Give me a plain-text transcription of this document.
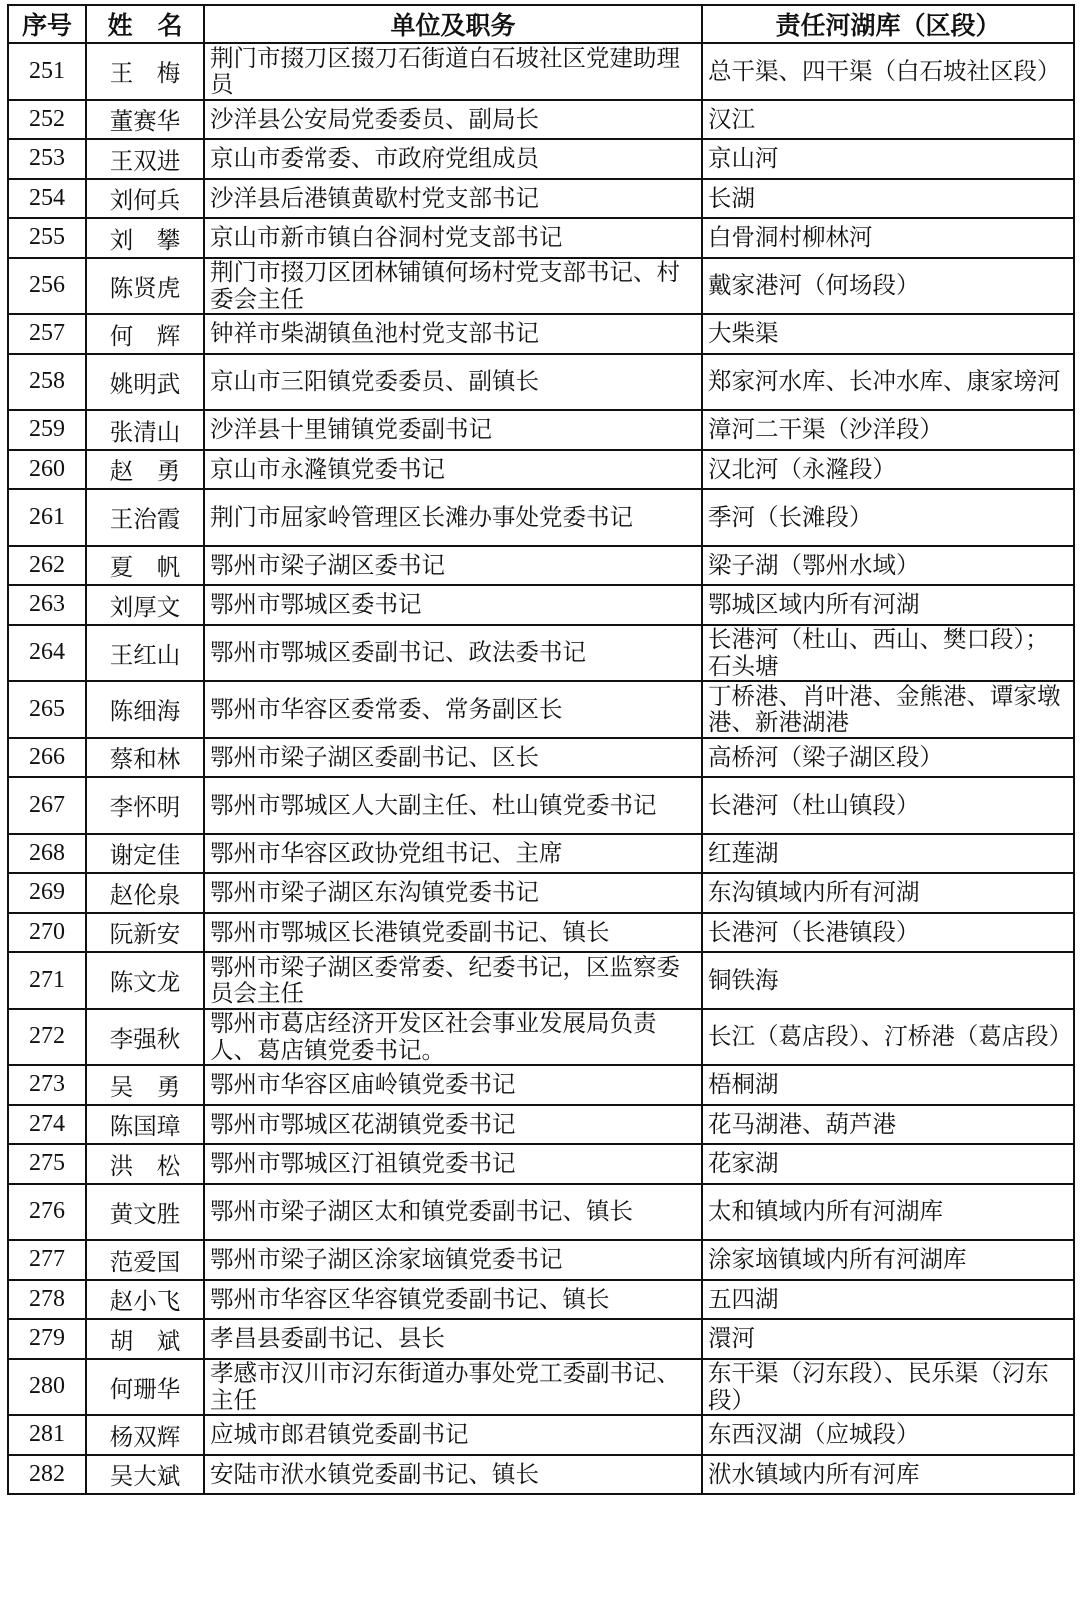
序号	姓　名	单位及职务	责任河湖库（区段）
251	王　梅	荆门市掇刀区掇刀石街道白石坡社区党建助理员	总干渠、四干渠（白石坡社区段）
252	董赛华	沙洋县公安局党委委员、副局长	汉江
253	王双进	京山市委常委、市政府党组成员	京山河
254	刘何兵	沙洋县后港镇黄歇村党支部书记	长湖
255	刘　攀	京山市新市镇白谷洞村党支部书记	白骨洞村柳林河
256	陈贤虎	荆门市掇刀区团林铺镇何场村党支部书记、村委会主任	戴家港河（何场段）
257	何　辉	钟祥市柴湖镇鱼池村党支部书记	大柴渠
258	姚明武	京山市三阳镇党委委员、副镇长	郑家河水库、长冲水库、康家塝河
259	张清山	沙洋县十里铺镇党委副书记	漳河二干渠（沙洋段）
260	赵　勇	京山市永漋镇党委书记	汉北河（永漋段）
261	王治霞	荆门市屈家岭管理区长滩办事处党委书记	季河（长滩段）
262	夏　帆	鄂州市梁子湖区委书记	梁子湖（鄂州水域）
263	刘厚文	鄂州市鄂城区委书记	鄂城区域内所有河湖
264	王红山	鄂州市鄂城区委副书记、政法委书记	长港河（杜山、西山、樊口段）；石头塘
265	陈细海	鄂州市华容区委常委、常务副区长	丁桥港、肖叶港、金熊港、谭家墩港、新港湖港
266	蔡和林	鄂州市梁子湖区委副书记、区长	高桥河（梁子湖区段）
267	李怀明	鄂州市鄂城区人大副主任、杜山镇党委书记	长港河（杜山镇段）
268	谢定佳	鄂州市华容区政协党组书记、主席	红莲湖
269	赵伦泉	鄂州市梁子湖区东沟镇党委书记	东沟镇域内所有河湖
270	阮新安	鄂州市鄂城区长港镇党委副书记、镇长	长港河（长港镇段）
271	陈文龙	鄂州市梁子湖区委常委、纪委书记，区监察委员会主任	铜铁海
272	李强秋	鄂州市葛店经济开发区社会事业发展局负责人、葛店镇党委书记。	长江（葛店段）、汀桥港（葛店段）
273	吴　勇	鄂州市华容区庙岭镇党委书记	梧桐湖
274	陈国璋	鄂州市鄂城区花湖镇党委书记	花马湖港、葫芦港
275	洪　松	鄂州市鄂城区汀祖镇党委书记	花家湖
276	黄文胜	鄂州市梁子湖区太和镇党委副书记、镇长	太和镇域内所有河湖库
277	范爱国	鄂州市梁子湖区涂家垴镇党委书记	涂家垴镇域内所有河湖库
278	赵小飞	鄂州市华容区华容镇党委副书记、镇长	五四湖
279	胡　斌	孝昌县委副书记、县长	澴河
280	何珊华	孝感市汉川市汈东街道办事处党工委副书记、主任	东干渠（汈东段）、民乐渠（汈东段）
281	杨双辉	应城市郎君镇党委副书记	东西汊湖（应城段）
282	吴大斌	安陆市洑水镇党委副书记、镇长	洑水镇域内所有河库
